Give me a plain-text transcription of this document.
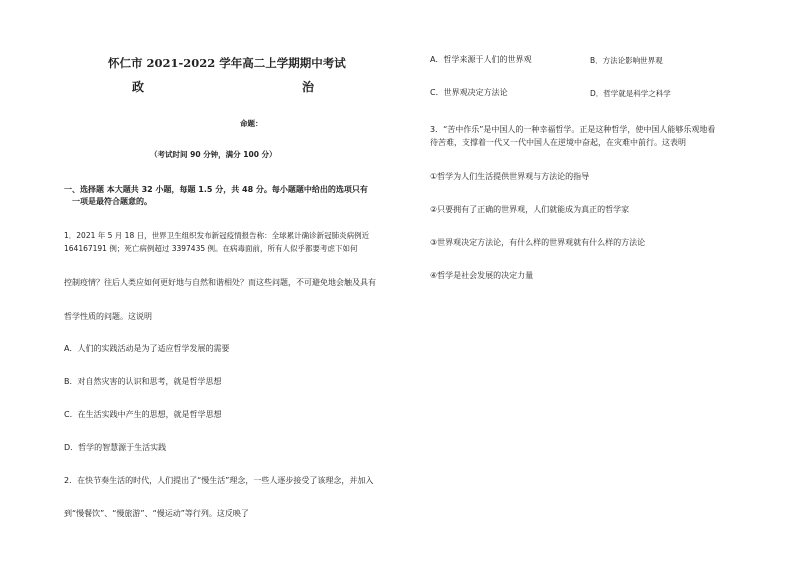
怀仁市 2021-2022 学年高二上学期期中考试
政	治
命题：
（考试时间 90 分钟，满分 100 分）
一、选择题 本大题共 32 小题，每题 1.5 分，共 48 分。每小题题中给出的选项只有
一项是最符合题意的。
1．2021 年 5 月 18 日，世界卫生组织发布新冠疫情报告称：全球累计确诊新冠肺炎病例近
164167191 例；死亡病例超过 3397435 例。在病毒面前，所有人似乎都要考虑下如何
控制疫情？往后人类应如何更好地与自然和谐相处？而这些问题，不可避免地会触及具有
哲学性质的问题。这说明
A．人们的实践活动是为了适应哲学发展的需要
B．对自然灾害的认识和思考，就是哲学思想
C．在生活实践中产生的思想，就是哲学思想
D．哲学的智慧源于生活实践
2．在快节奏生活的时代，人们提出了“慢生活”理念，一些人逐步接受了该理念，并加入
到“慢餐饮”、“慢旅游”、“慢运动”等行列。这反映了
A．哲学来源于人们的世界观	B．方法论影响世界观
C．世界观决定方法论	D．哲学就是科学之科学
3．“苦中作乐”是中国人的一种幸福哲学。正是这种哲学，使中国人能够乐观地看
待苦难，支撑着一代又一代中国人在逆境中奋起，在灾难中前行。这表明
①哲学为人们生活提供世界观与方法论的指导
②只要拥有了正确的世界观，人们就能成为真正的哲学家
③世界观决定方法论，有什么样的世界观就有什么样的方法论
④哲学是社会发展的决定力量
